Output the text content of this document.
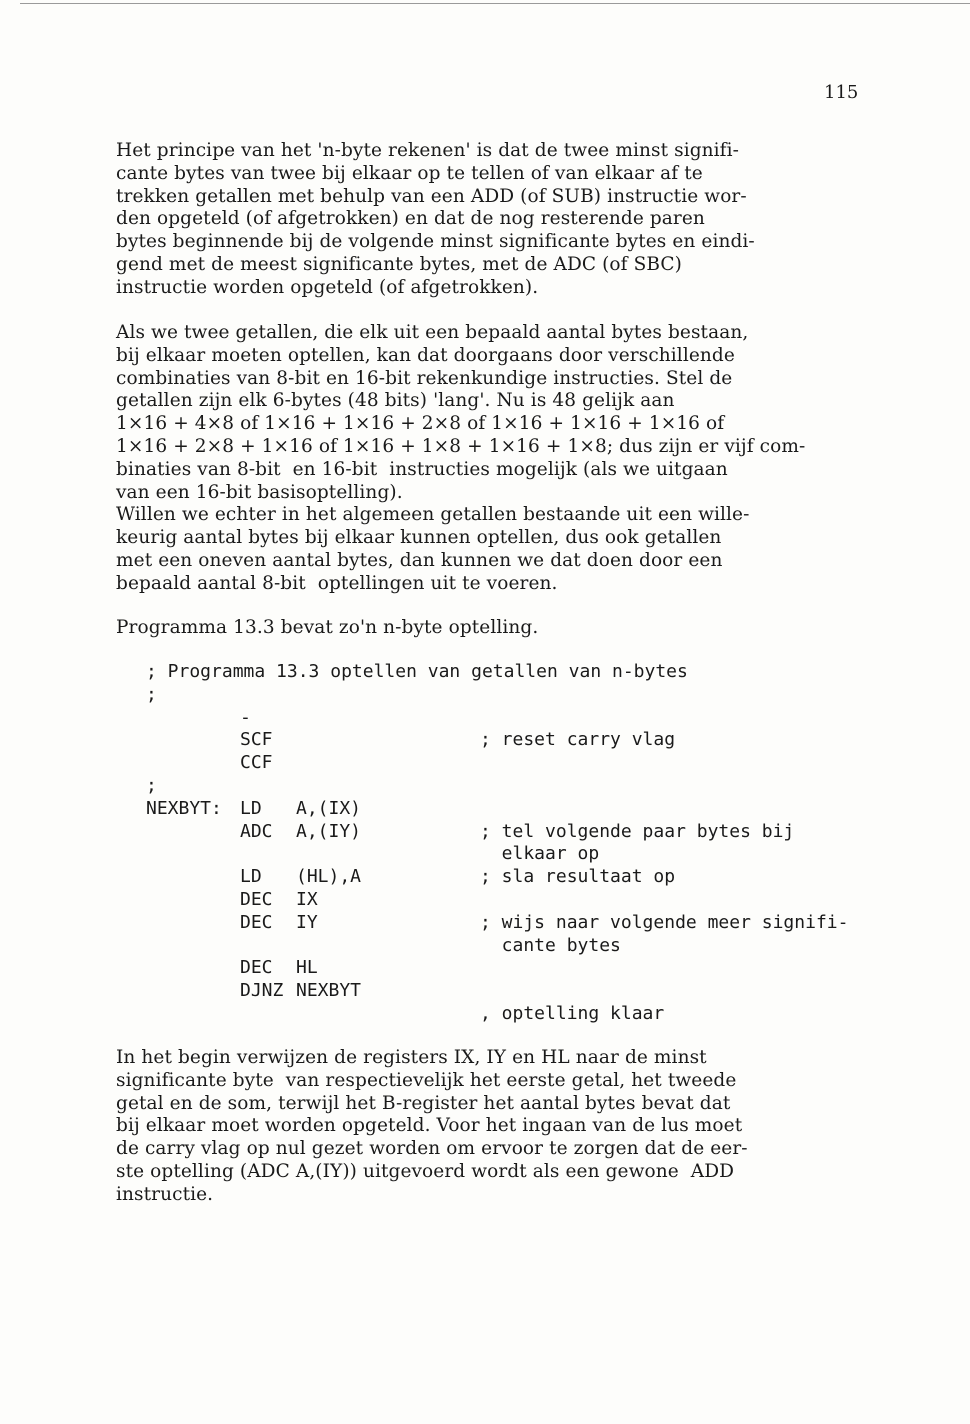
115
Het principe van het 'n-byte rekenen' is dat de twee minst signifi-
cante bytes van twee bij elkaar op te tellen of van elkaar af te
trekken getallen met behulp van een ADD (of SUB) instructie wor-
den opgeteld (of afgetrokken) en dat de nog resterende paren
bytes beginnende bij de volgende minst significante bytes en eindi-
gend met de meest significante bytes, met de ADC (of SBC)
instructie worden opgeteld (of afgetrokken).
Als we twee getallen, die elk uit een bepaald aantal bytes bestaan,
bij elkaar moeten optellen, kan dat doorgaans door verschillende
combinaties van 8-bit en 16-bit rekenkundige instructies. Stel de
getallen zijn elk 6-bytes (48 bits) 'lang'. Nu is 48 gelijk aan
1×16 + 4×8 of 1×16 + 1×16 + 2×8 of 1×16 + 1×16 + 1×16 of
1×16 + 2×8 + 1×16 of 1×16 + 1×8 + 1×16 + 1×8; dus zijn er vijf com-
binaties van 8-bit  en 16-bit  instructies mogelijk (als we uitgaan
van een 16-bit basisoptelling).
Willen we echter in het algemeen getallen bestaande uit een wille-
keurig aantal bytes bij elkaar kunnen optellen, dus ook getallen
met een oneven aantal bytes, dan kunnen we dat doen door een
bepaald aantal 8-bit  optellingen uit te voeren.
Programma 13.3 bevat zo'n n-byte optelling.
; Programma 13.3 optellen van getallen van n-bytes
;
-
SCF	; reset carry vlag
CCF
;
NEXBYT: LD A,(IX)
ADC A,(IY)	; tel volgende paar bytes bij
elkaar op
LD (HL),A	; sla resultaat op
DEC IX
DEC IY	; wijs naar volgende meer signifi-
cante bytes
DEC HL
DJNZ NEXBYT
, optelling klaar
In het begin verwijzen de registers IX, IY en HL naar de minst
significante byte  van respectievelijk het eerste getal, het tweede
getal en de som, terwijl het B-register het aantal bytes bevat dat
bij elkaar moet worden opgeteld. Voor het ingaan van de lus moet
de carry vlag op nul gezet worden om ervoor te zorgen dat de eer-
ste optelling (ADC A,(IY)) uitgevoerd wordt als een gewone  ADD
instructie.
